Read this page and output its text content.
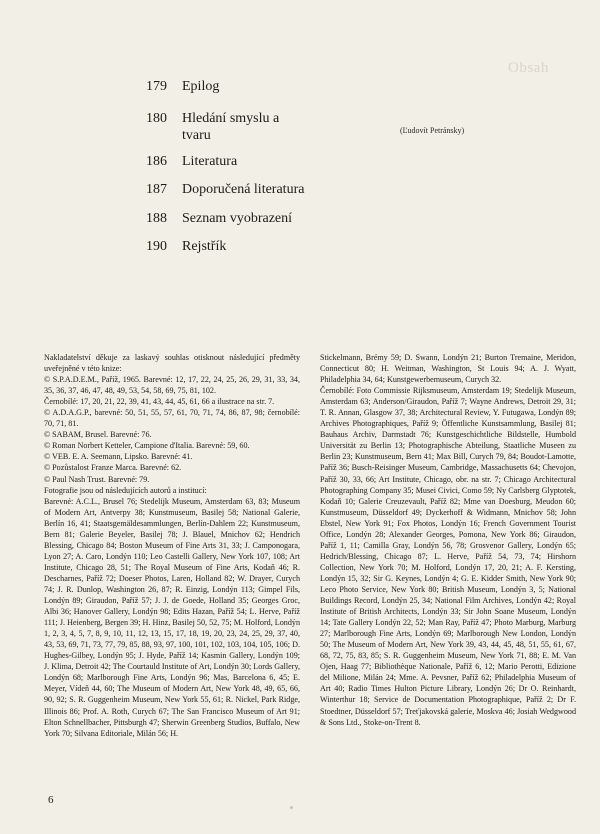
Obsah
179	Epilog
180	Hledání smyslu a tvaru
186	Literatura
187	Doporučená literatura
188	Seznam vyobrazení
190	Rejstřík
(Ľudovít Petránsky)

Nakladatelství děkuje za laskavý souhlas otisknout následující předměty uveřejněné v této knize:

© S.P.A.D.E.M., Paříž, 1965. Barevné: 12, 17, 22, 24, 25, 26, 29, 31, 33, 34, 35, 36, 37, 46, 47, 48, 49, 53, 54, 58, 69, 75, 81, 102.

Černobílé: 17, 20, 21, 22, 39, 41, 43, 44, 45, 61, 66 a ilustrace na str. 7.

© A.D.A.G.P., barevné: 50, 51, 55, 57, 61, 70, 71, 74, 86, 87, 98; černobílé: 70, 71, 81.

© SABAM, Brusel. Barevné: 76.

© Roman Norbert Ketteler, Campione d'Italia. Barevné: 59, 60.

© VEB. E. A. Seemann, Lipsko. Barevné: 41.

© Pozůstalost Franze Marca. Barevné: 62.

© Paul Nash Trust. Barevné: 79.

Fotografie jsou od následujících autorů a institucí:

Barevné: A.C.L., Brusel 76; Stedelijk Museum, Amsterdam 63, 83; Museum of Modern Art, Antverpy 38; Kunstmuseum, Basilej 58; National Galerie, Berlín 16, 41; Staatsgemäldesammlungen, Berlín-Dahlem 22; Kunstmuseum, Bern 81; Galerie Beyeler, Basilej 78; J. Blauel, Mnichov 62; Hendrich Blessing, Chicago 84; Boston Museum of Fine Arts 31, 33; J. Camponogara, Lyon 27; A. Caro, Londýn 110; Leo Castelli Gallery, New York 107, 108; Art Institute, Chicago 28, 51; The Royal Museum of Fine Arts, Kodaň 46; R. Descharnes, Paříž 72; Doeser Photos, Laren, Holland 82; W. Drayer, Curych 74; J. R. Dunlop, Washington 26, 87; R. Einzig, Londýn 113; Gimpel Fils, Londýn 89; Giraudon, Paříž 57; J. J. de Goede, Holland 35; Georges Groc, Albi 36; Hanover Gallery, Londýn 98; Edits Hazan, Paříž 54; L. Herve, Paříž 111; J. Heienberg, Bergen 39; H. Hinz, Basilej 50, 52, 75; M. Holford, Londýn 1, 2, 3, 4, 5, 7, 8, 9, 10, 11, 12, 13, 15, 17, 18, 19, 20, 23, 24, 25, 29, 37, 40, 43, 53, 69, 71, 73, 77, 79, 85, 88, 93, 97, 100, 101, 102, 103, 104, 105, 106; D. Hughes-Gilbey, Londýn 95; J. Hyde, Paříž 14; Kasmin Gallery, Londýn 109; J. Klima, Detroit 42; The Courtauld Institute of Art, Londýn 30; Lords Gallery, Londýn 68; Marlborough Fine Arts, Londýn 96; Mas, Barcelona 6, 45; E. Meyer, Vídeň 44, 60; The Museum of Modern Art, New York 48, 49, 65, 66, 90, 92; S. R. Guggenheim Museum, New York 55, 61; R. Nickel, Park Ridge, Illinois 86; Prof. A. Roth, Curych 67; The San Francisco Museum of Art 91; Elton Schnellbacher, Pittsburgh 47; Sherwin Greenberg Studios, Buffalo, New York 70; Silvana Editoriale, Milán 56; H.

Stickelmann, Brémy 59; D. Swann, Londýn 21; Burton Tremaine, Meridon, Connecticut 80; H. Weitman, Washington, St Louis 94; A. J. Wyatt, Philadelphia 34, 64; Kunstgewerbemuseum, Curych 32.

Černobílé: Foto Commissie Rijksmuseum, Amsterdam 19; Stedelijk Museum, Amsterdam 63; Anderson/Giraudon, Paříž 7; Wayne Andrews, Detroit 29, 31; T. R. Annan, Glasgow 37, 38; Architectural Review, Y. Futugawa, Londýn 89; Archives Photographiques, Paříž 9; Öffentliche Kunstsammlung, Basilej 81; Bauhaus Archiv, Darmstadt 76; Kunstgeschichtliche Bildstelle, Humbold Universität zu Berlin 13; Photographische Abteilung, Staatliche Museen zu Berlin 23; Kunstmuseum, Bern 41; Max Bill, Curych 79, 84; Boudot-Lamotte, Paříž 36; Busch-Reisinger Museum, Cambridge, Massachusetts 64; Chevojon, Paříž 30, 33, 66; Art Institute, Chicago, obr. na str. 7; Chicago Architectural Photographing Company 35; Musei Civici, Como 59; Ny Carlsberg Glyptotek, Kodaň 10; Galerie Creuzevault, Paříž 82; Mme van Doesburg, Meudon 60; Kunstmuseum, Düsseldorf 49; Dyckerhoff & Widmann, Mnichov 58; John Ebstel, New York 91; Fox Photos, Londýn 16; French Government Tourist Office, Londýn 28; Alexander Georges, Pomona, New York 86; Giraudon, Paříž 1, 11; Camilla Gray, Londýn 56, 78; Grosvenor Gallery, Londýn 65; Hedrich/Blessing, Chicago 87; L. Herve, Paříž 54, 73, 74; Hirshorn Collection, New York 70; M. Holford, Londýn 17, 20, 21; A. F. Kersting, Londýn 15, 32; Sir G. Keynes, Londýn 4; G. E. Kidder Smith, New York 90; Leco Photo Service, New York 80; British Museum, Londýn 3, 5; National Buildings Record, Londýn 25, 34; National Film Archives, Londýn 42; Royal Institute of British Architects, Londýn 33; Sir John Soane Museum, Londýn 14; Tate Gallery Londýn 22, 52; Man Ray, Paříž 47; Photo Marburg, Marburg 27; Marlborough Fine Arts, Londýn 69; Marlborough New London, Londýn 50; The Museum of Modern Art, New York 39, 43, 44, 45, 48, 51, 55, 61, 67, 68, 72, 75, 83, 85; S. R. Guggenheim Museum, New York 71, 88; E. M. Van Ojen, Haag 77; Bibliothèque Nationale, Paříž 6, 12; Mario Perotti, Edizione del Milione, Milán 24; Mme. A. Pevsner, Paříž 62; Philadelphia Museum of Art 40; Radio Times Hulton Picture Library, Londýn 26; Dr O. Reinhardt, Winterthur 18; Service de Documentation Photographique, Paříž 2; Dr F. Stoedtner, Düsseldorf 57; Treťjakovská galerie, Moskva 46; Josiah Wedgwood & Sons Ltd., Stoke-on-Trent 8.

6
